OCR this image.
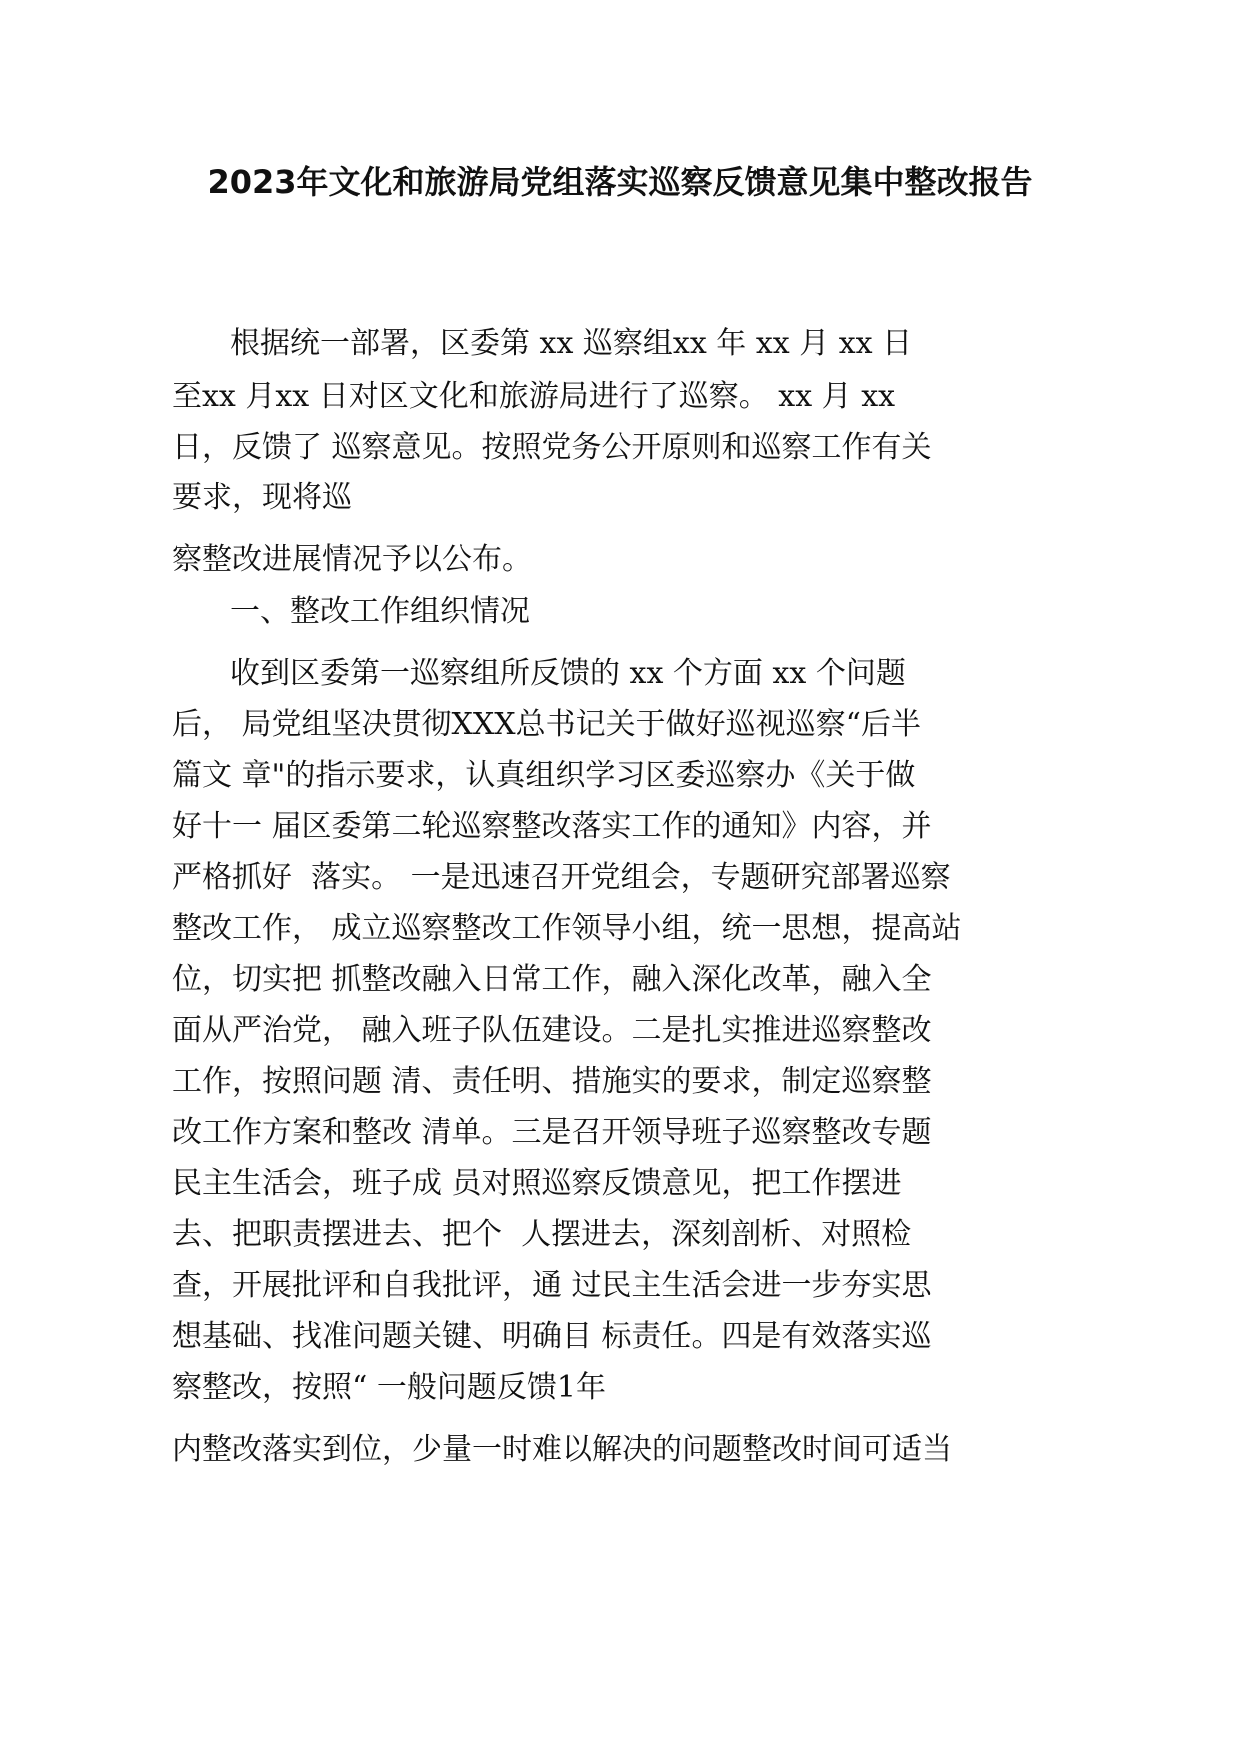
2023年文化和旅游局党组落实巡察反馈意见集中整改报告

根据统一部署，区委第 xx 巡察组xx 年 xx 月 xx 日

至xx 月xx 日对区文化和旅游局进行了巡察。 xx 月 xx

日，反馈了 巡察意见。按照党务公开原则和巡察工作有关

要求，现将巡

察整改进展情况予以公布。

一、整改工作组织情况

收到区委第一巡察组所反馈的 xx 个方面 xx 个问题

后， 局党组坚决贯彻XXX总书记关于做好巡视巡察“后半

篇文 章"的指示要求，认真组织学习区委巡察办《关于做

好十一 届区委第二轮巡察整改落实工作的通知》内容，并

严格抓好  落实。 一是迅速召开党组会，专题研究部署巡察

整改工作， 成立巡察整改工作领导小组，统一思想，提高站

位，切实把 抓整改融入日常工作，融入深化改革，融入全

面从严治党， 融入班子队伍建设。二是扎实推进巡察整改

工作，按照问题 清、责任明、措施实的要求，制定巡察整

改工作方案和整改 清单。三是召开领导班子巡察整改专题

民主生活会，班子成 员对照巡察反馈意见，把工作摆进

去、把职责摆进去、把个  人摆进去，深刻剖析、对照检

查，开展批评和自我批评，通 过民主生活会进一步夯实思

想基础、找准问题关键、明确目 标责任。四是有效落实巡

察整改，按照“ 一般问题反馈1年

内整改落实到位，少量一时难以解决的问题整改时间可适当
